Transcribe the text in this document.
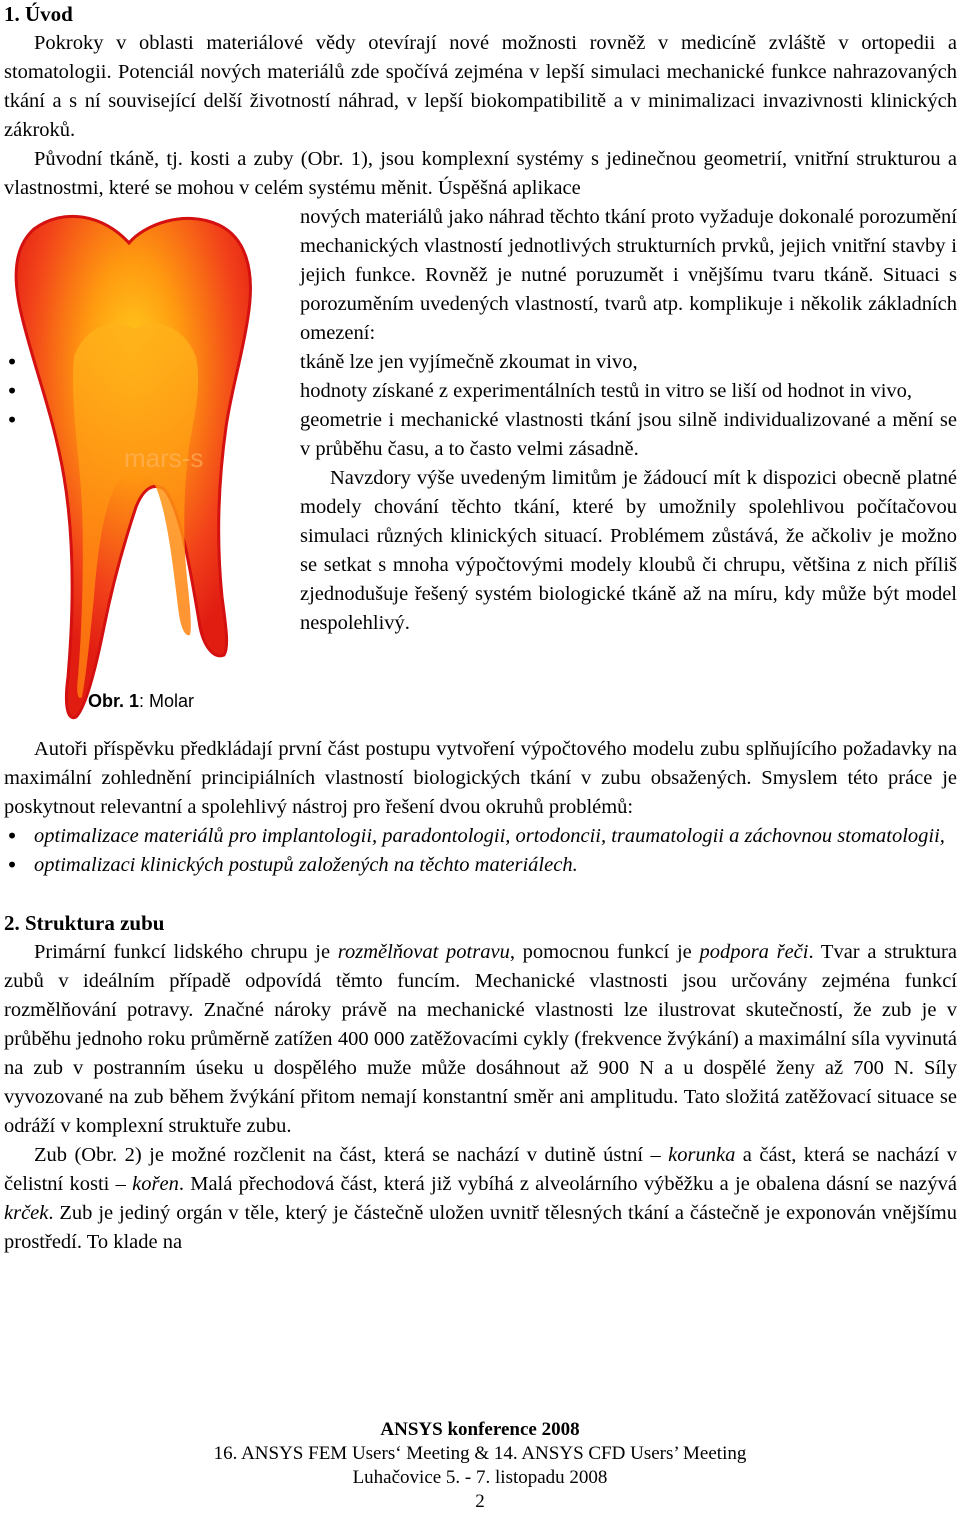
1. Úvod

Pokroky v oblasti materiálové vědy otevírají nové možnosti rovněž v medicíně zvláště v ortopedii a stomatologii. Potenciál nových materiálů zde spočívá zejména v lepší simulaci mechanické funkce nahrazovaných tkání a s ní související delší životností náhrad, v lepší biokompatibilitě a v minimalizaci invazivnosti klinických zákroků.

Původní tkáně, tj. kosti a zuby (Obr. 1), jsou komplexní systémy s jedinečnou geometrií, vnitřní strukturou a vlastnostmi, které se mohou v celém systému měnit. Úspěšná aplikace

mars-s
Obr. 1: Molar

nových materiálů jako náhrad těchto tkání proto vyžaduje dokonalé porozumění mechanických vlastností jednotlivých strukturních prvků, jejich vnitřní stavby i jejich funkce. Rovněž je nutné poruzumět i vnějšímu tvaru tkáně. Situaci s porozuměním uvedených vlastností, tvarů atp. komplikuje i několik základních omezení:

• tkáně lze jen vyjímečně zkoumat in vivo,
• hodnoty získané z experimentálních testů in vitro se liší od hodnot in vivo,
• geometrie i mechanické vlastnosti tkání jsou silně individualizované a mění se v průběhu času, a to často velmi zásadně.

Navzdory výše uvedeným limitům je žádoucí mít k dispozici obecně platné modely chování těchto tkání, které by umožnily spolehlivou počítačovou simulaci různých klinických situací. Problémem zůstává, že ačkoliv je možno se setkat s mnoha výpočtovými modely kloubů či chrupu, většina z nich příliš zjednodušuje řešený systém biologické tkáně až na míru, kdy může být model nespolehlivý.

Autoři příspěvku předkládají první část postupu vytvoření výpočtového modelu zubu splňujícího požadavky na maximální zohlednění principiálních vlastností biologických tkání v zubu obsažených. Smyslem této práce je poskytnout relevantní a spolehlivý nástroj pro řešení dvou okruhů problémů:

• optimalizace materiálů pro implantologii, paradontologii, ortodoncii, traumatologii a záchovnou stomatologii,
• optimalizaci klinických postupů založených na těchto materiálech.
2. Struktura zubu

Primární funkcí lidského chrupu je rozmělňovat potravu, pomocnou funkcí je podpora řeči. Tvar a struktura zubů v ideálním případě odpovídá těmto funcím. Mechanické vlastnosti jsou určovány zejména funkcí rozmělňování potravy. Značné nároky právě na mechanické vlastnosti lze ilustrovat skutečností, že zub je v průběhu jednoho roku průměrně zatížen 400 000 zatěžovacími cykly (frekvence žvýkání) a maximální síla vyvinutá na zub v postranním úseku u dospělého muže může dosáhnout až 900 N a u dospělé ženy až 700 N. Síly vyvozované na zub během žvýkání přitom nemají konstantní směr ani amplitudu. Tato složitá zatěžovací situace se odráží v komplexní struktuře zubu.

Zub (Obr. 2) je možné rozčlenit na část, která se nachází v dutině ústní – korunka a část, která se nachází v čelistní kosti – kořen. Malá přechodová část, která již vybíhá z alveolárního výběžku a je obalena dásní se nazývá krček. Zub je jediný orgán v těle, který je částečně uložen uvnitř tělesných tkání a částečně je exponován vnějšímu prostředí. To klade na

ANSYS konference 2008
16. ANSYS FEM Users‘ Meeting & 14. ANSYS CFD Users’ Meeting
Luhačovice 5. - 7. listopadu 2008
2
